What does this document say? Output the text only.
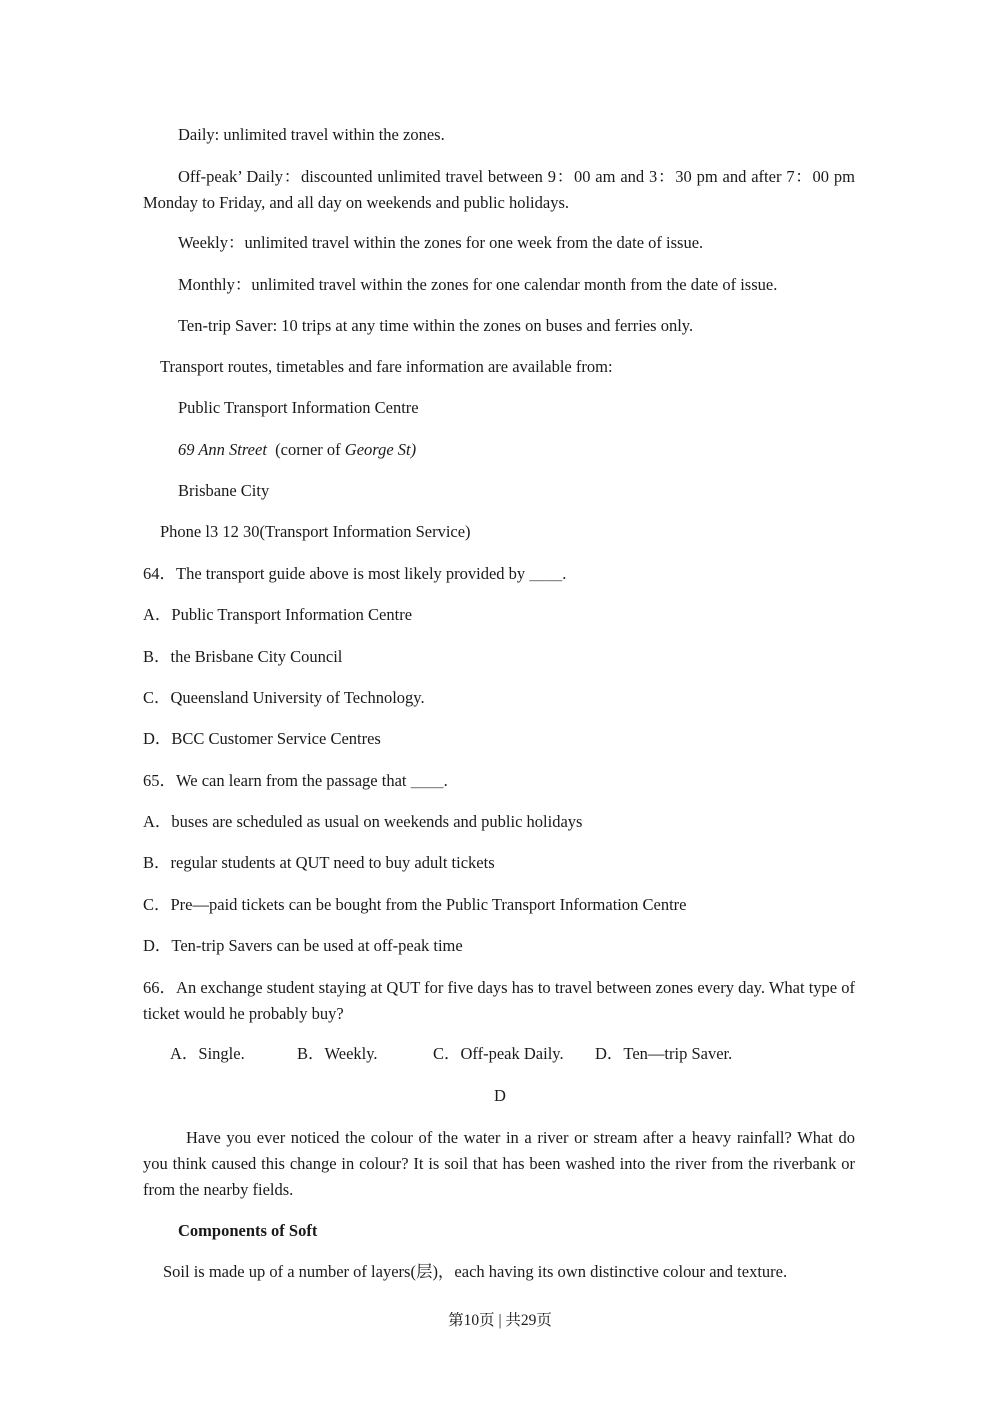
Daily: unlimited travel within the zones.
Off-peak’ Daily：discounted unlimited travel between 9：00 am and 3：30 pm and after 7：00 pm Monday to Friday, and all day on weekends and public holidays.
Weekly：unlimited travel within the zones for one week from the date of issue.
Monthly：unlimited travel within the zones for one calendar month from the date of issue.
Ten-trip Saver: 10 trips at any time within the zones on buses and ferries only.
Transport routes, timetables and fare information are available from:
Public Transport Information Centre
69 Ann Street (corner of George St)
Brisbane City
Phone l3 12 30(Transport Information Service)
64．The transport guide above is most likely provided by ＿＿.
A．Public Transport Information Centre
B．the Brisbane City Council
C．Queensland University of Technology.
D．BCC Customer Service Centres
65．We can learn from the passage that ＿＿.
A．buses are scheduled as usual on weekends and public holidays
B．regular students at QUT need to buy adult tickets
C．Pre—paid tickets can be bought from the Public Transport Information Centre
D．Ten-trip Savers can be used at off-peak time
66．An exchange student staying at QUT for five days has to travel between zones every day. What type of ticket would he probably buy?
A．Single.	B．Weekly.	C．Off-peak Daily. D．Ten—trip Saver.
D
Have you ever noticed the colour of the water in a river or stream after a heavy rainfall? What do you think caused this change in colour? It is soil that has been washed into the river from the riverbank or from the nearby fields.
Components of Soft
Soil is made up of a number of layers(层)，each having its own distinctive colour and texture.
第10页 | 共29页
